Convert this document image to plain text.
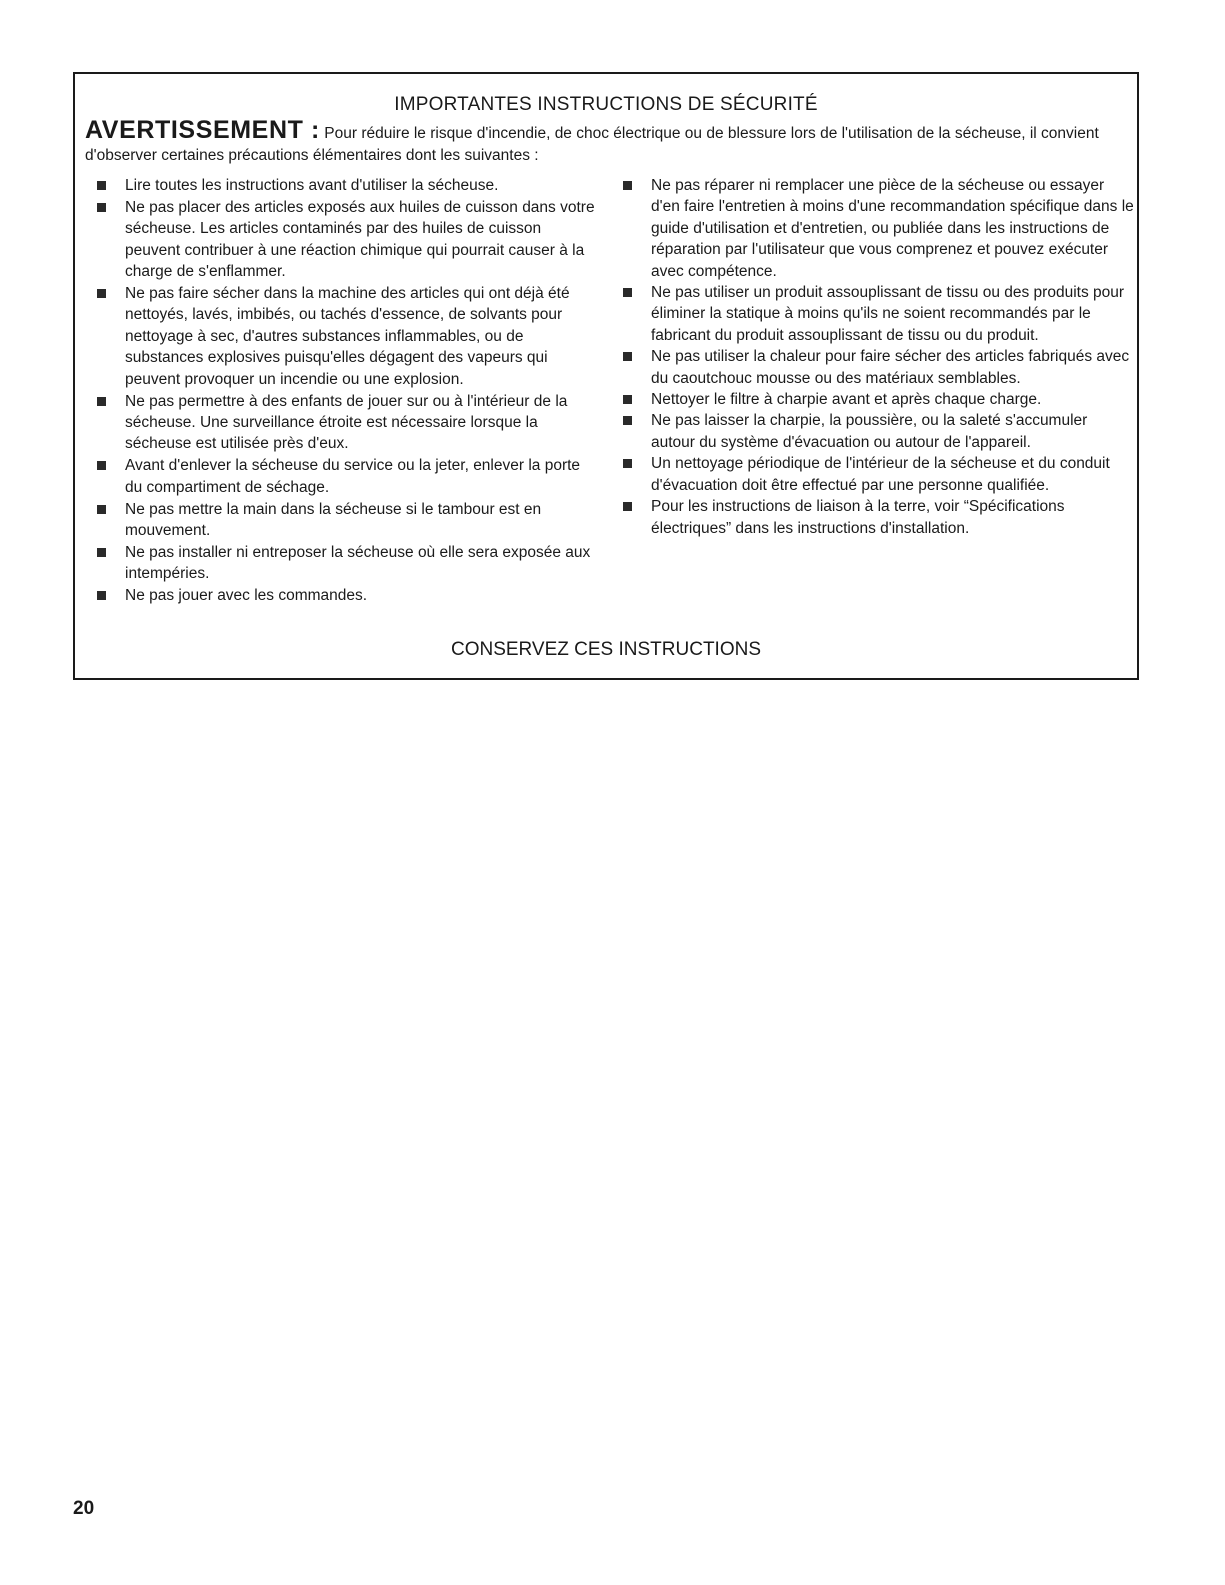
IMPORTANTES INSTRUCTIONS DE SÉCURITÉ
AVERTISSEMENT : Pour réduire le risque d'incendie, de choc électrique ou de blessure lors de l'utilisation de la sécheuse, il convient d'observer certaines précautions élémentaires dont les suivantes :
Lire toutes les instructions avant d'utiliser la sécheuse.
Ne pas placer des articles exposés aux huiles de cuisson dans votre sécheuse. Les articles contaminés par des huiles de cuisson peuvent contribuer à une réaction chimique qui pourrait causer à la charge de s'enflammer.
Ne pas faire sécher dans la machine des articles qui ont déjà été nettoyés, lavés, imbibés, ou tachés d'essence, de solvants pour nettoyage à sec, d'autres substances inflammables, ou de substances explosives puisqu'elles dégagent des vapeurs qui peuvent provoquer un incendie ou une explosion.
Ne pas permettre à des enfants de jouer sur ou à l'intérieur de la sécheuse. Une surveillance étroite est nécessaire lorsque la sécheuse est utilisée près d'eux.
Avant d'enlever la sécheuse du service ou la jeter, enlever la porte du compartiment de séchage.
Ne pas mettre la main dans la sécheuse si le tambour est en mouvement.
Ne pas installer ni entreposer la sécheuse où elle sera exposée aux intempéries.
Ne pas jouer avec les commandes.
Ne pas réparer ni remplacer une pièce de la sécheuse ou essayer d'en faire l'entretien à moins d'une recommandation spécifique dans le guide d'utilisation et d'entretien, ou publiée dans les instructions de réparation par l'utilisateur que vous comprenez et pouvez exécuter avec compétence.
Ne pas utiliser un produit assouplissant de tissu ou des produits pour éliminer la statique à moins qu'ils ne soient recommandés par le fabricant du produit assouplissant de tissu ou du produit.
Ne pas utiliser la chaleur pour faire sécher des articles fabriqués avec du caoutchouc mousse ou des matériaux semblables.
Nettoyer le filtre à charpie avant et après chaque charge.
Ne pas laisser la charpie, la poussière, ou la saleté s'accumuler autour du système d'évacuation ou autour de l'appareil.
Un nettoyage périodique de l'intérieur de la sécheuse et du conduit d'évacuation doit être effectué par une personne qualifiée.
Pour les instructions de liaison à la terre, voir “Spécifications électriques” dans les instructions d'installation.
CONSERVEZ CES INSTRUCTIONS
20
